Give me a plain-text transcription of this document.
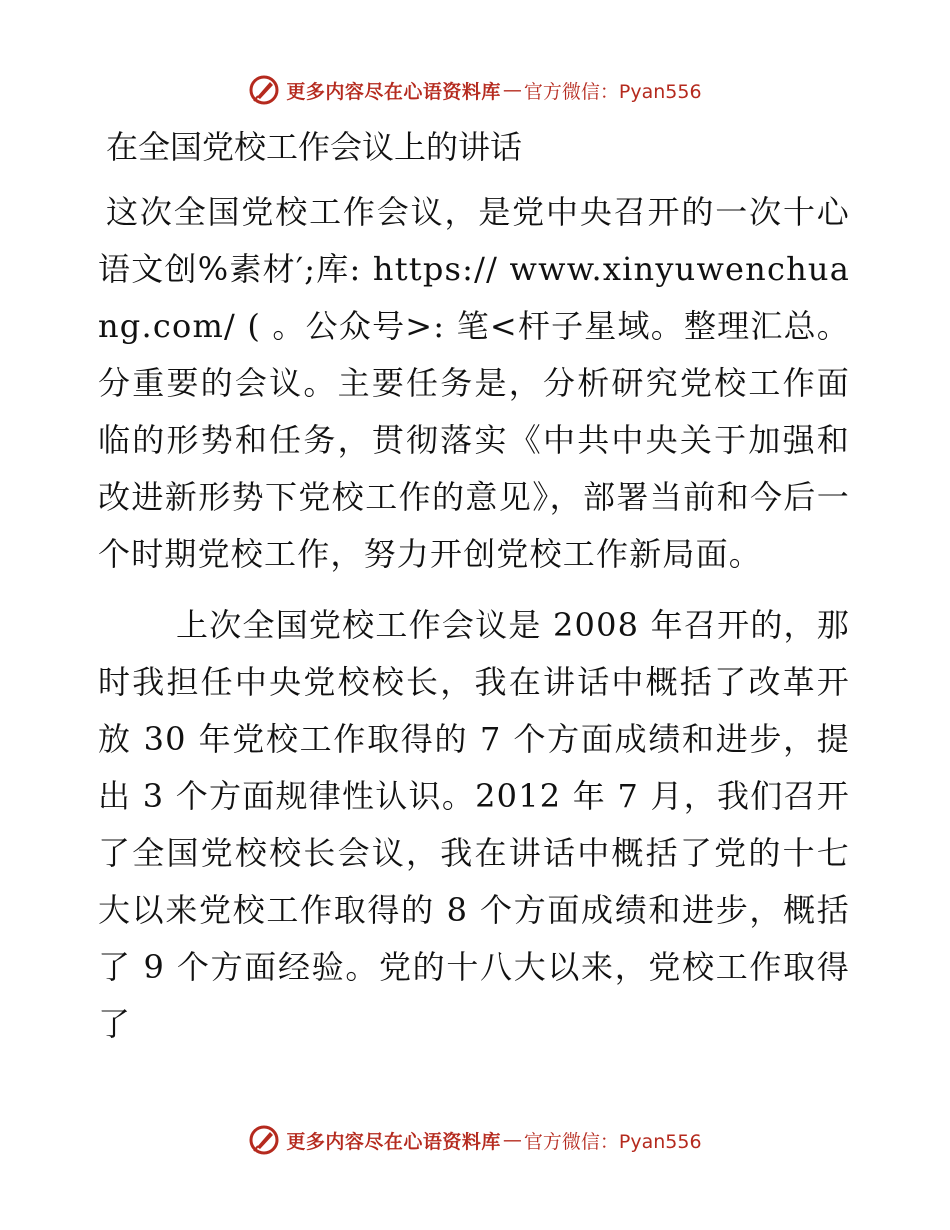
更多内容尽在心语资料库 — 官方微信：Pyan556
在全国党校工作会议上的讲话

这次全国党校工作会议，是党中央召开的一次十心语文创%素材′;库: https:// www.xinyuwenchuang.com/ ( 。公众号>: 笔<杆子星域。整理汇总。分重要的会议。主要任务是，分析研究党校工作面临的形势和任务，贯彻落实《中共中央关于加强和改进新形势下党校工作的意见》，部署当前和今后一个时期党校工作，努力开创党校工作新局面。

上次全国党校工作会议是 2008 年召开的，那时我担任中央党校校长，我在讲话中概括了改革开放 30 年党校工作取得的 7 个方面成绩和进步，提出 3 个方面规律性认识。2012 年 7 月，我们召开了全国党校校长会议，我在讲话中概括了党的十七大以来党校工作取得的 8 个方面成绩和进步，概括了 9 个方面经验。党的十八大以来，党校工作取得了

更多内容尽在心语资料库 — 官方微信：Pyan556
